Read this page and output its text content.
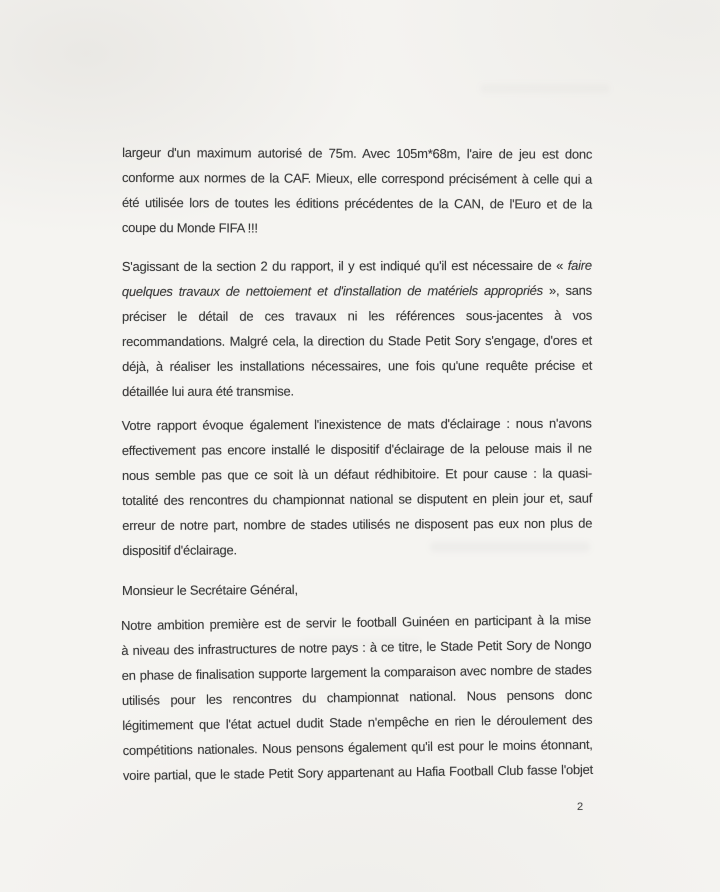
largeur d'un maximum autorisé de 75m. Avec 105m*68m, l'aire de jeu est donc
conforme aux normes de la CAF. Mieux, elle correspond précisément à celle qui a
été utilisée lors de toutes les éditions précédentes de la CAN, de l'Euro et de la
coupe du Monde FIFA !!!
S'agissant de la section 2 du rapport, il y est indiqué qu'il est nécessaire de « faire
quelques travaux de nettoiement et d'installation de matériels appropriés », sans
préciser le détail de ces travaux ni les références sous-jacentes à vos
recommandations. Malgré cela, la direction du Stade Petit Sory s'engage, d'ores et
déjà, à réaliser les installations nécessaires, une fois qu'une requête précise et
détaillée lui aura été transmise.
Votre rapport évoque également l'inexistence de mats d'éclairage : nous n'avons
effectivement pas encore installé le dispositif d'éclairage de la pelouse mais il ne
nous semble pas que ce soit là un défaut rédhibitoire. Et pour cause : la quasi-
totalité des rencontres du championnat national se disputent en plein jour et, sauf
erreur de notre part, nombre de stades utilisés ne disposent pas eux non plus de
dispositif d'éclairage.
Monsieur le Secrétaire Général,
Notre ambition première est de servir le football Guinéen en participant à la mise
à niveau des infrastructures de notre pays : à ce titre, le Stade Petit Sory de Nongo
en phase de finalisation supporte largement la comparaison avec nombre de stades
utilisés pour les rencontres du championnat national. Nous pensons donc
légitimement que l'état actuel dudit Stade n'empêche en rien le déroulement des
compétitions nationales. Nous pensons également qu'il est pour le moins étonnant,
voire partial, que le stade Petit Sory appartenant au Hafia Football Club fasse l'objet
2
